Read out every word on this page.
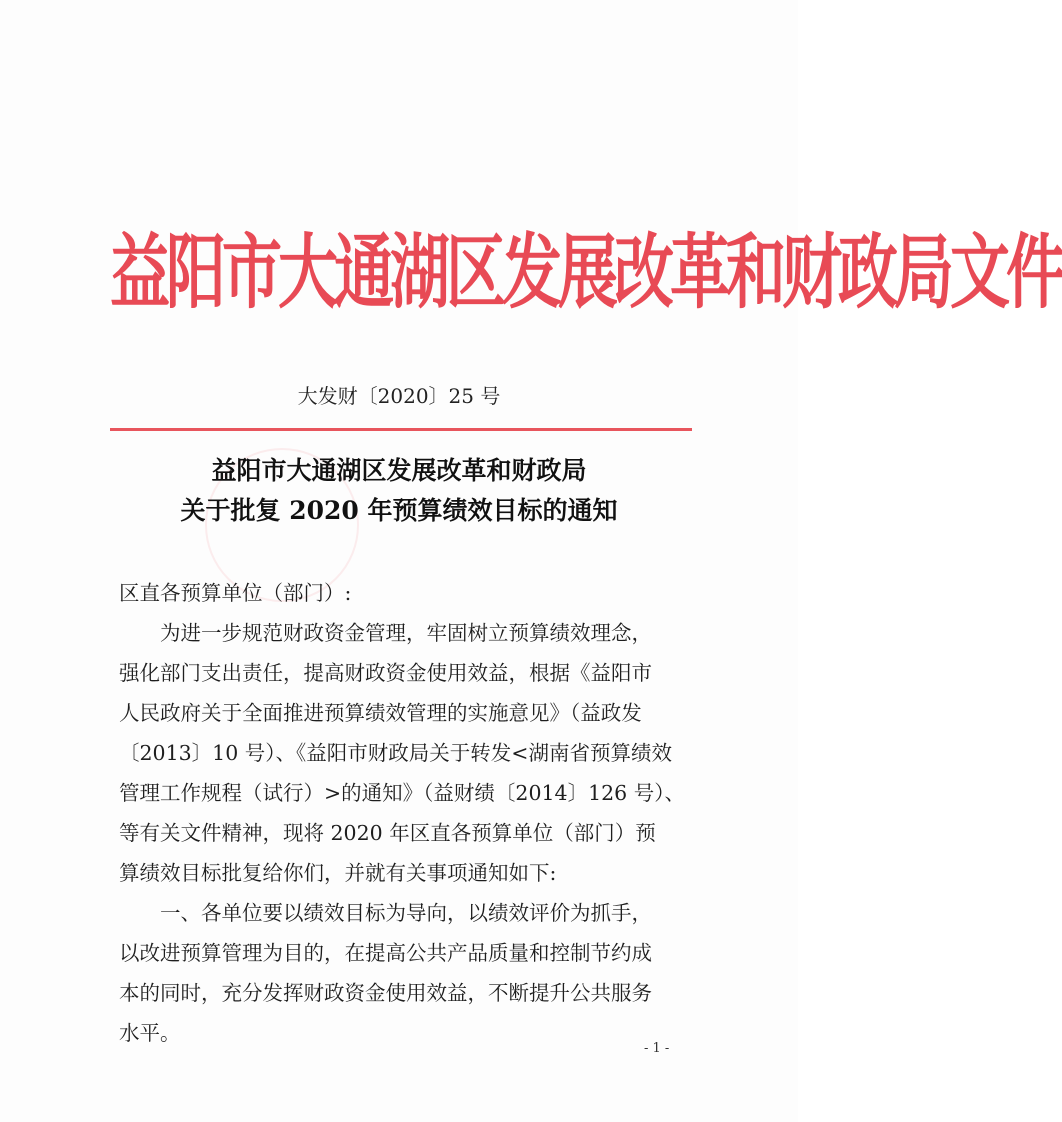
益阳市大通湖区发展改革和财政局文件
大发财〔2020〕25 号
益阳市大通湖区发展改革和财政局
关于批复 2020 年预算绩效目标的通知
区直各预算单位（部门）:
　　为进一步规范财政资金管理，牢固树立预算绩效理念，
强化部门支出责任，提高财政资金使用效益，根据《益阳市
人民政府关于全面推进预算绩效管理的实施意见》（益政发
〔2013〕10 号）、《益阳市财政局关于转发<湖南省预算绩效
管理工作规程（试行）>的通知》（益财绩〔2014〕126 号）、
等有关文件精神，现将 2020 年区直各预算单位（部门）预
算绩效目标批复给你们，并就有关事项通知如下:
　　一、各单位要以绩效目标为导向，以绩效评价为抓手，
以改进预算管理为目的，在提高公共产品质量和控制节约成
本的同时，充分发挥财政资金使用效益，不断提升公共服务
水平。
- 1 -
